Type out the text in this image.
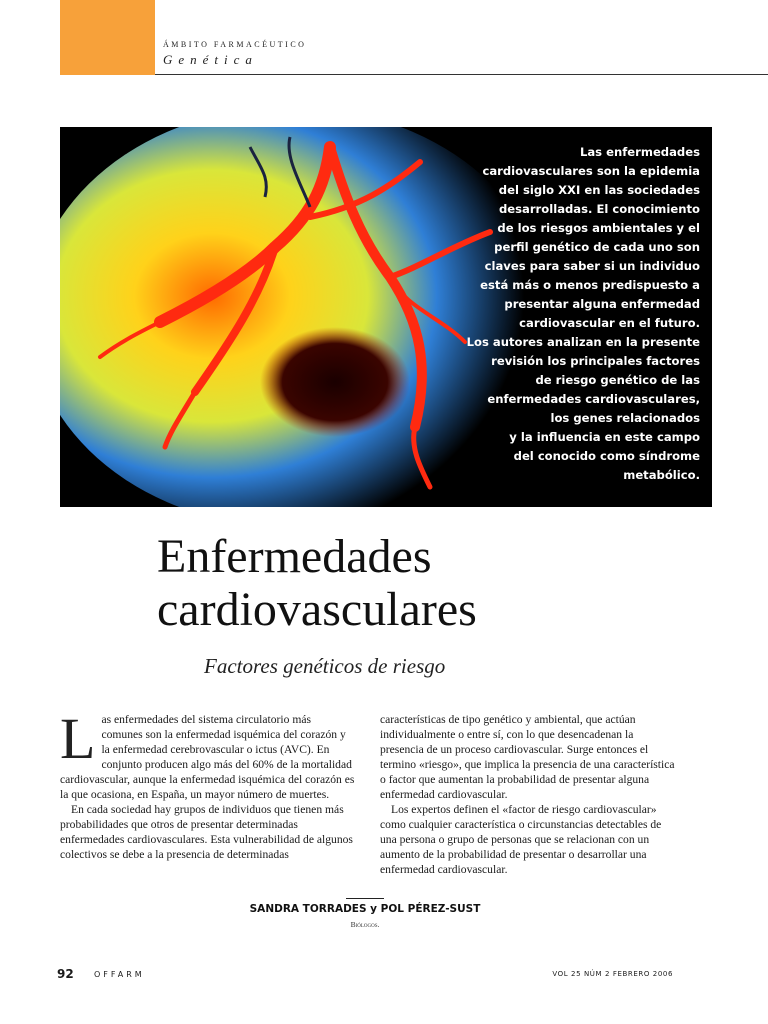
ÁMBITO FARMACÉUTICO
Genética
Las enfermedades
cardiovasculares son la epidemia
del siglo XXI en las sociedades
desarrolladas. El conocimiento
de los riesgos ambientales y el
perfil genético de cada uno son
claves para saber si un individuo
está más o menos predispuesto a
presentar alguna enfermedad
cardiovascular en el futuro.
Los autores analizan en la presente
revisión los principales factores
de riesgo genético de las
enfermedades cardiovasculares,
los genes relacionados
y la influencia en este campo
del conocido como síndrome
metabólico.
Enfermedades
cardiovasculares
Factores genéticos de riesgo

Las enfermedades del sistema circulatorio más comunes son la enfermedad isquémica del corazón y la enfermedad cerebrovascular o ictus (AVC). En conjunto producen algo más del 60% de la mortalidad cardiovascular, aunque la enfermedad isquémica del corazón es la que ocasiona, en España, un mayor número de muertes.

En cada sociedad hay grupos de individuos que tienen más probabilidades que otros de presentar determinadas enfermedades cardiovasculares. Esta vulnerabilidad de algunos colectivos se debe a la presencia de determinadas

características de tipo genético y ambiental, que actúan individualmente o entre sí, con lo que desencadenan la presencia de un proceso cardiovascular. Surge entonces el termino «riesgo», que implica la presencia de una característica o factor que aumentan la probabilidad de presentar alguna enfermedad cardiovascular.

Los expertos definen el «factor de riesgo cardiovascular» como cualquier característica o circunstancias detectables de una persona o grupo de personas que se relacionan con un aumento de la probabilidad de presentar o desarrollar una enfermedad cardiovascular.

SANDRA TORRADES y POL PÉREZ-SUST
Biólogos.
92	OFFARM	VOL 25 NÚM 2 FEBRERO 2006
